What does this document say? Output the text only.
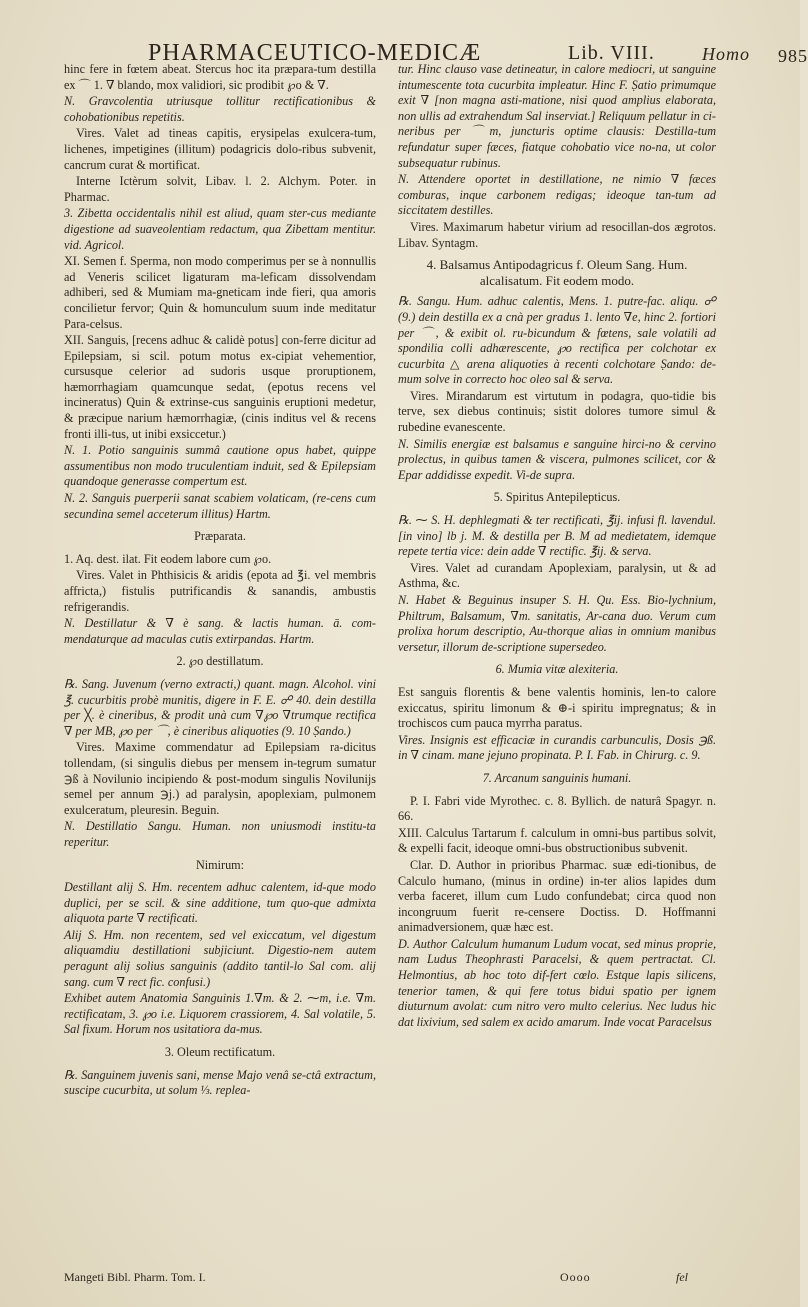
PHARMACEUTICO-MEDICÆ	Lib. VIII.	Homo 985

hinc fere in fœtem abeat. Stercus hoc ita præpara-tum destilla ex ⌒ 1. ∇ blando, mox validiori, sic prodibit ℘o & ∇.

N. Gravcolentia utriusque tollitur rectificationibus & cohobationibus repetitis.

Vires. Valet ad tineas capitis, erysipelas exulcera-tum, lichenes, impetigines (illitum) podagricis dolo-ribus subvenit, cancrum curat & mortificat.

Interne Ictèrum solvit, Libav. l. 2. Alchym. Poter. in Pharmac.

3. Zibetta occidentalis nihil est aliud, quam ster-cus mediante digestione ad suaveolentiam redactum, qua Zibettam mentitur. vid. Agricol.

XI. Semen f. Sperma, non modo comperimus per se à nonnullis ad Veneris scilicet ligaturam ma-leficam dissolvendam adhiberi, sed & Mumiam ma-gneticam inde fieri, qua amoris concilietur fervor; Quin & homunculum suum inde meditatur Para-celsus.

XII. Sanguis, [recens adhuc & calidè potus] con-ferre dicitur ad Epilepsiam, si scil. potum motus ex-cipiat vehementior, cursusque celerior ad sudoris usque proruptionem, hæmorrhagiam quamcunque sedat, (epotus recens vel incineratus) Quin & extrinse-cus sanguinis eruptioni medetur, & præcipue narium hæmorrhagiæ, (cinis inditus vel & recens fronti illi-tus, ut inibi exsiccetur.)

N. 1. Potio sanguinis summâ cautione opus habet, quippe assumentibus non modo truculentiam induit, sed & Epilepsiam quandoque generasse compertum est.

N. 2. Sanguis puerperii sanat scabiem volaticam, (re-cens cum secundina semel acceterum illitus) Hartm.

Præparata.

1. Aq. dest. ilat. Fit eodem labore cum ℘o.

Vires. Valet in Phthisicis & aridis (epota ad ℥i. vel membris affricta,) fistulis putrificandis & sanandis, ambustis refrigerandis.

N. Destillatur & ∇ è sang. & lactis human. ā. com-mendaturque ad maculas cutis extirpandas. Hartm.

2. ℘o destillatum.

℞. Sang. Juvenum (verno extracti,) quant. magn. Alcohol. vini ℥. cucurbitis probè munitis, digere in F. E. ☍ 40. dein destilla per ╳. è cineribus, & prodit unà cum ∇℘o ∇trumque rectifica ∇ per MB, ℘o per ⌒, è cineribus aliquoties (9. 10 Ṣando.)

Vires. Maxime commendatur ad Epilepsiam ra-dicitus tollendam, (si singulis diebus per mensem in-tegrum sumatur ℈ß à Novilunio incipiendo & post-modum singulis Novilunijs semel per annum ℈j.) ad paralysin, apoplexiam, pulmonem exulceratum, pleuresin. Beguin.

N. Destillatio Sangu. Human. non uniusmodi institu-ta reperitur.

Nimirum:

Destillant alij S. Hm. recentem adhuc calentem, id-que modo duplici, per se scil. & sine additione, tum quo-que admixta aliquota parte ∇ rectificati.

Alij S. Hm. non recentem, sed vel exiccatum, vel digestum aliquamdiu destillationi subjiciunt. Digestio-nem autem peragunt alij solius sanguinis (addito tantil-lo Sal com. alij sang. cum ∇ rect fic. confusi.)

Exhibet autem Anatomia Sanguinis 1.∇m. & 2. ⁓m, i.e. ∇m. rectificatam, 3. ℘o i.e. Liquorem crassiorem, 4. Sal volatile, 5. Sal fixum. Horum nos usitatiora da-mus.

3. Oleum rectificatum.

℞. Sanguinem juvenis sani, mense Majo venâ se-ctâ extractum, suscipe cucurbita, ut solum ⅓. replea-

tur. Hinc clauso vase detineatur, in calore mediocri, ut sanguine intumescente tota cucurbita impleatur. Hinc F. Ṣatio primumque exit ∇ [non magna asti-matione, nisi quod amplius elaborata, non ullis ad extrahendum Sal inserviat.] Reliquum pellatur in ci-neribus per ⌒m, juncturis optime clausis: Destilla-tum refundatur super fæces, fiatque cohobatio vice no-na, ut color subsequatur rubinus.

N. Attendere oportet in destillatione, ne nimio ∇ fæces comburas, inque carbonem redigas; ideoque tan-tum ad siccitatem destilles.

Vires. Maximarum habetur virium ad resocillan-dos ægrotos. Libav. Syntagm.

4. Balsamus Antipodagricus f. Oleum Sang. Hum. alcalisatum. Fit eodem modo.

℞. Sangu. Hum. adhuc calentis, Mens. 1. putre-fac. aliqu. ☍ (9.) dein destilla ex a cnà per gradus 1. lento ∇e, hinc 2. fortiori per ⌒, & exibit ol. ru-bicundum & fœtens, sale volatili ad spondilia colli adhærescente, ℘o rectifica per colchotar ex cucurbita △ arena aliquoties à recenti colchotare Ṣando: de-mum solve in correcto hoc oleo sal & serva.

Vires. Mirandarum est virtutum in podagra, quo-tidie bis terve, sex diebus continuis; sistit dolores tumore simul & rubedine evanescente.

N. Similis energiæ est balsamus e sanguine hirci-no & cervino prolectus, in quibus tamen & viscera, pulmones scilicet, cor & Epar addidisse expedit. Vi-de supra.

5. Spiritus Antepilepticus.

℞. ⁓ S. H. dephlegmati & ter rectificati, ℥ij. infusi fl. lavendul. [in vino] lb j. M. & destilla per B. M ad medietatem, idemque repete tertia vice: dein adde ∇ rectific. ℥ij. & serva.

Vires. Valet ad curandam Apoplexiam, paralysin, ut & ad Asthma, &c.

N. Habet & Beguinus insuper S. H. Qu. Ess. Bio-lychnium, Philtrum, Balsamum, ∇m. sanitatis, Ar-cana duo. Verum cum prolixa horum descriptio, Au-thorque alias in omnium manibus versetur, illorum de-scriptione supersedeo.

6. Mumia vitæ alexiteria.

Est sanguis florentis & bene valentis hominis, len-to calore exiccatus, spiritu limonum & ⊕-i spiritu impregnatus; & in trochiscos cum pauca myrrha paratus.

Vires. Insignis est efficaciæ in curandis carbunculis, Dosis ℈ß. in ∇ cinam. mane jejuno propinata. P. I. Fab. in Chirurg. c. 9.

7. Arcanum sanguinis humani.

P. I. Fabri vide Myrothec. c. 8. Byllich. de naturâ Spagyr. n. 66.

XIII. Calculus Tartarum f. calculum in omni-bus partibus solvit, & expelli facit, ideoque omni-bus obstructionibus subvenit.

Clar. D. Author in prioribus Pharmac. suæ edi-tionibus, de Calculo humano, (minus in ordine) in-ter alios lapides dum verba faceret, illum cum Ludo confundebat; circa quod non incongruum fuerit re-censere Doctiss. D. Hoffmanni animadversionem, quæ hæc est.

D. Author Calculum humanum Ludum vocat, sed minus proprie, nam Ludus Theophrasti Paracelsi, & quem pertractat. Cl. Helmontius, ab hoc toto dif-fert cœlo. Estque lapis silicens, tenerior tamen, & qui fere totus bidui spatio per ignem diuturnum avolat: cum nitro vero multo celerius. Nec ludus hic dat lixivium, sed salem ex acido amarum. Inde vocat Paracelsus

Mangeti Bibl. Pharm. Tom. I.	Oooo	fel
